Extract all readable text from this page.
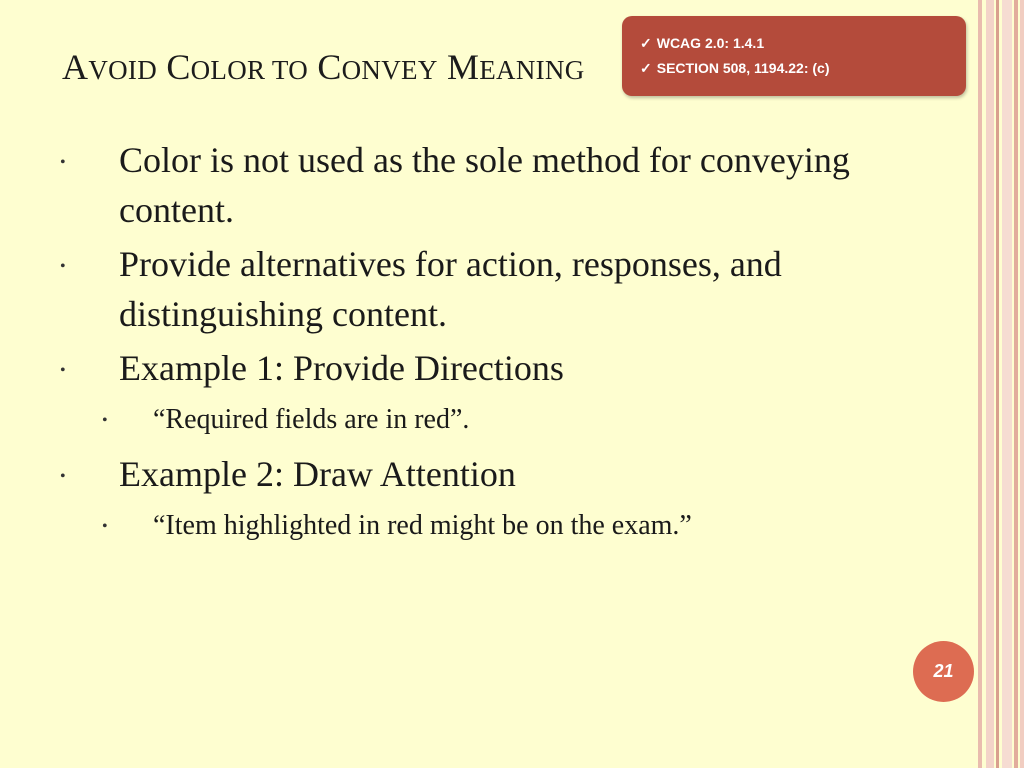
AVOID COLOR TO CONVEY MEANING
✓ WCAG 2.0: 1.4.1
✓ SECTION 508, 1194.22: (c)
• Color is not used as the sole method for conveying content.
• Provide alternatives for action, responses, and distinguishing content.
• Example 1: Provide Directions
• “Required fields are in red”.
• Example 2: Draw Attention
• “Item highlighted in red might be on the exam.”
21
